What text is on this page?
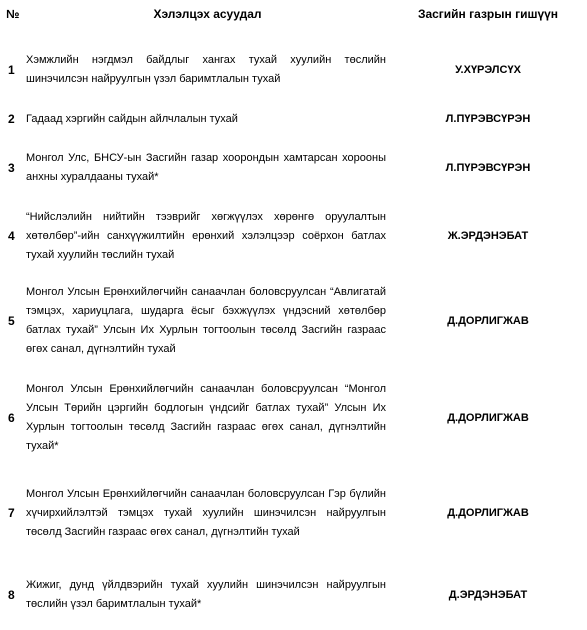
№	Хэлэлцэх асуудал	Засгийн газрын гишүүн
1	Хэмжлийн нэгдмэл байдлыг хангах тухай хуулийн төслийн шинэчилсэн найруулгын үзэл баримтлалын тухай	У.ХҮРЭЛСҮХ
2	Гадаад хэргийн сайдын айлчлалын тухай	Л.ПҮРЭВСҮРЭН
3	Монгол Улс, БНСУ-ын Засгийн газар хоорондын хамтарсан хорооны анхны хуралдааны тухай*	Л.ПҮРЭВСҮРЭН
4	“Нийслэлийн нийтийн тээврийг хөгжүүлэх хөрөнгө оруулалтын хөтөлбөр”-ийн санхүүжилтийн ерөнхий хэлэлцээр соёрхон батлах тухай хуулийн төслийн тухай	Ж.ЭРДЭНЭБАТ
5	Монгол Улсын Ерөнхийлөгчийн санаачлан боловсруулсан “Авлигатай тэмцэх, хариуцлага, шударга ёсыг бэхжүүлэх үндэсний хөтөлбөр батлах тухай” Улсын Их Хурлын тогтоолын төсөлд Засгийн газраас өгөх санал, дүгнэлтийн тухай	Д.ДОРЛИГЖАВ
6	Монгол Улсын Ерөнхийлөгчийн санаачлан боловсруулсан “Монгол Улсын Төрийн цэргийн бодлогын үндсийг батлах тухай” Улсын Их Хурлын тогтоолын төсөлд Засгийн газраас өгөх санал, дүгнэлтийн тухай*	Д.ДОРЛИГЖАВ
7	Монгол Улсын Ерөнхийлөгчийн санаачлан боловсруулсан Гэр бүлийн хүчирхийлэлтэй тэмцэх тухай хуулийн шинэчилсэн найруулгын төсөлд Засгийн газраас өгөх санал, дүгнэлтийн тухай	Д.ДОРЛИГЖАВ
8	Жижиг, дунд үйлдвэрийн тухай хуулийн шинэчилсэн найруулгын төслийн үзэл баримтлалын тухай*	Д.ЭРДЭНЭБАТ
